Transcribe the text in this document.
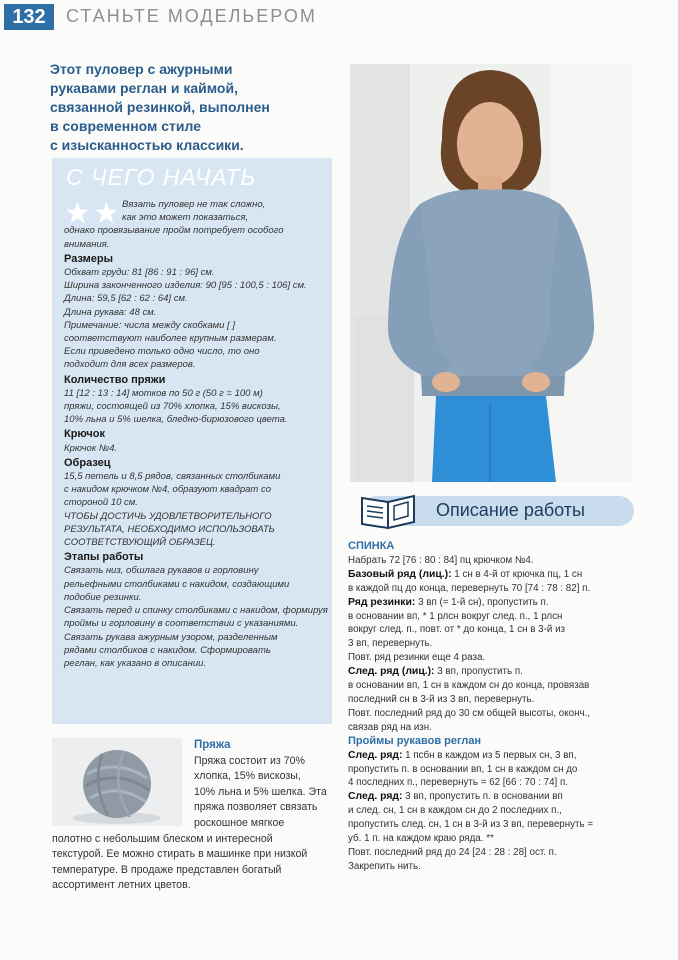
132	СТАНЬТЕ МОДЕЛЬЕРОМ
Этот пуловер с ажурными
рукавами реглан и каймой,
связанной резинкой, выполнен
в современном стиле
с изысканностью классики.
С ЧЕГО НАЧАТЬ
★★ Вязать пуловер не так сложно,
как это может показаться,
однако провязывание пройм потребует особого
внимания.
Размеры
Обхват груди: 81 [86 : 91 : 96] см.
Ширина законченного изделия: 90 [95 : 100,5 : 106] см.
Длина: 59,5 [62 : 62 : 64] см.
Длина рукава: 48 см.
Примечание: числа между скобками [ ]
соответствуют наиболее крупным размерам.
Если приведено только одно число, то оно
подходит для всех размеров.
Количество пряжи
11 [12 : 13 : 14] мотков по 50 г (50 г = 100 м)
пряжи, состоящей из 70% хлопка, 15% вискозы,
10% льна и 5% шелка, бледно-бирюзового цвета.
Крючок
Крючок №4.
Образец
15,5 петель и 8,5 рядов, связанных столбиками
с накидом крючком №4, образуют квадрат со
стороной 10 см.
ЧТОБЫ ДОСТИЧЬ УДОВЛЕТВОРИТЕЛЬНОГО
РЕЗУЛЬТАТА, НЕОБХОДИМО ИСПОЛЬЗОВАТЬ
СООТВЕТСТВУЮЩИЙ ОБРАЗЕЦ.
Этапы работы
Связать низ, обшлага рукавов и горловину
рельефными столбиками с накидом, создающими
подобие резинки.
Связать перед и спинку столбиками с накидом, формируя
проймы и горловину в соответствии с указаниями.
Связать рукава ажурным узором, разделенным
рядами столбиков с накидом. Сформировать
реглан, как указано в описании.
Пряжа
Пряжа состоит из 70%
хлопка, 15% вискозы,
10% льна и 5% шелка. Эта
пряжа позволяет связать
роскошное мягкое
полотно с небольшим блеском и интересной
текстурой. Ее можно стирать в машинке при низкой
температуре. В продаже представлен богатый
ассортимент летних цветов.
Описание работы
СПИНКА
Набрать 72 [76 : 80 : 84] пц крючком №4.
Базовый ряд (лиц.): 1 сн в 4-й от крючка пц, 1 сн
в каждой пц до конца, перевернуть 70 [74 : 78 : 82] п.
Ряд резинки: 3 вп (= 1-й сн), пропустить п.
в основании вп, * 1 рлсн вокруг след. п., 1 рлсн
вокруг след. п., повт. от * до конца, 1 сн в 3-й из
3 вп, перевернуть.
Повт. ряд резинки еще 4 раза.
След. ряд (лиц.): 3 вп, пропустить п.
в основании вп, 1 сн в каждом сн до конца, провязав
последний сн в 3-й из 3 вп, перевернуть.
Повт. последний ряд до 30 см общей высоты, оконч.,
связав ряд на изн.
Проймы рукавов реглан
След. ряд: 1 псбн в каждом из 5 первых сн, 3 вп,
пропустить п. в основании вп, 1 сн в каждом сн до
4 последних п., перевернуть = 62 [66 : 70 : 74] п.
След. ряд: 3 вп, пропустить п. в основании вп
и след. сн, 1 сн в каждом сн до 2 последних п.,
пропустить след. сн, 1 сн в 3-й из 3 вп, перевернуть =
уб. 1 п. на каждом краю ряда. **
Повт. последний ряд до 24 [24 : 28 : 28] ост. п.
Закрепить нить.
